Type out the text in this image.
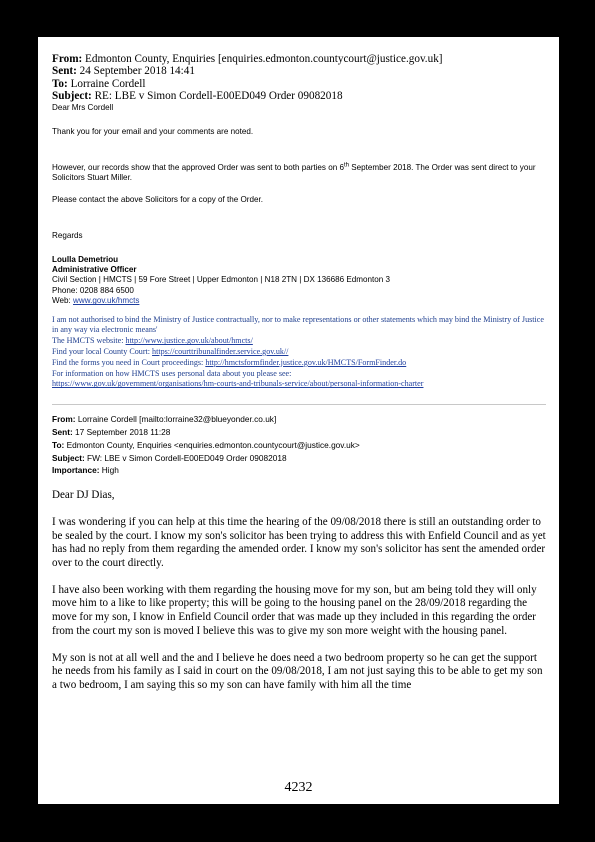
From: Edmonton County, Enquiries [enquiries.edmonton.countycourt@justice.gov.uk]
Sent: 24 September 2018 14:41
To: Lorraine Cordell
Subject: RE: LBE v Simon Cordell-E00ED049 Order 09082018
Dear Mrs Cordell
Thank you for your email and your comments are noted.
However, our records show that the approved Order was sent to both parties on 6th September 2018. The Order was sent direct to your Solicitors Stuart Miller.
Please contact the above Solicitors for a copy of the Order.
Regards
Loulla Demetriou
Administrative Officer
Civil Section | HMCTS | 59 Fore Street | Upper Edmonton | N18 2TN | DX 136686 Edmonton 3
Phone: 0208 884 6500
Web: www.gov.uk/hmcts
I am not authorised to bind the Ministry of Justice contractually, nor to make representations or other statements which may bind the Ministry of Justice in any way via electronic means'
The HMCTS website: http://www.justice.gov.uk/about/hmcts/
Find your local County Court: https://courttribunalfinder.service.gov.uk//
Find the forms you need in Court proceedings: http://hmctsformfinder.justice.gov.uk/HMCTS/FormFinder.do
For information on how HMCTS uses personal data about you please see:
https://www.gov.uk/government/organisations/hm-courts-and-tribunals-service/about/personal-information-charter
From: Lorraine Cordell [mailto:lorraine32@blueyonder.co.uk]
Sent: 17 September 2018 11:28
To: Edmonton County, Enquiries <enquiries.edmonton.countycourt@justice.gov.uk>
Subject: FW: LBE v Simon Cordell-E00ED049 Order 09082018
Importance: High

Dear DJ Dias,

I was wondering if you can help at this time the hearing of the 09/08/2018 there is still an outstanding order to be sealed by the court. I know my son's solicitor has been trying to address this with Enfield Council and as yet has had no reply from them regarding the amended order. I know my son's solicitor has sent the amended order over to the court directly.

I have also been working with them regarding the housing move for my son, but am being told they will only move him to a like to like property; this will be going to the housing panel on the 28/09/2018 regarding the move for my son, I know in Enfield Council order that was made up they included in this regarding the order from the court my son is moved I believe this was to give my son more weight with the housing panel.

My son is not at all well and the and I believe he does need a two bedroom property so he can get the support he needs from his family as I said in court on the 09/08/2018, I am not just saying this to be able to get my son a two bedroom, I am saying this so my son can have family with him all the time

4232
